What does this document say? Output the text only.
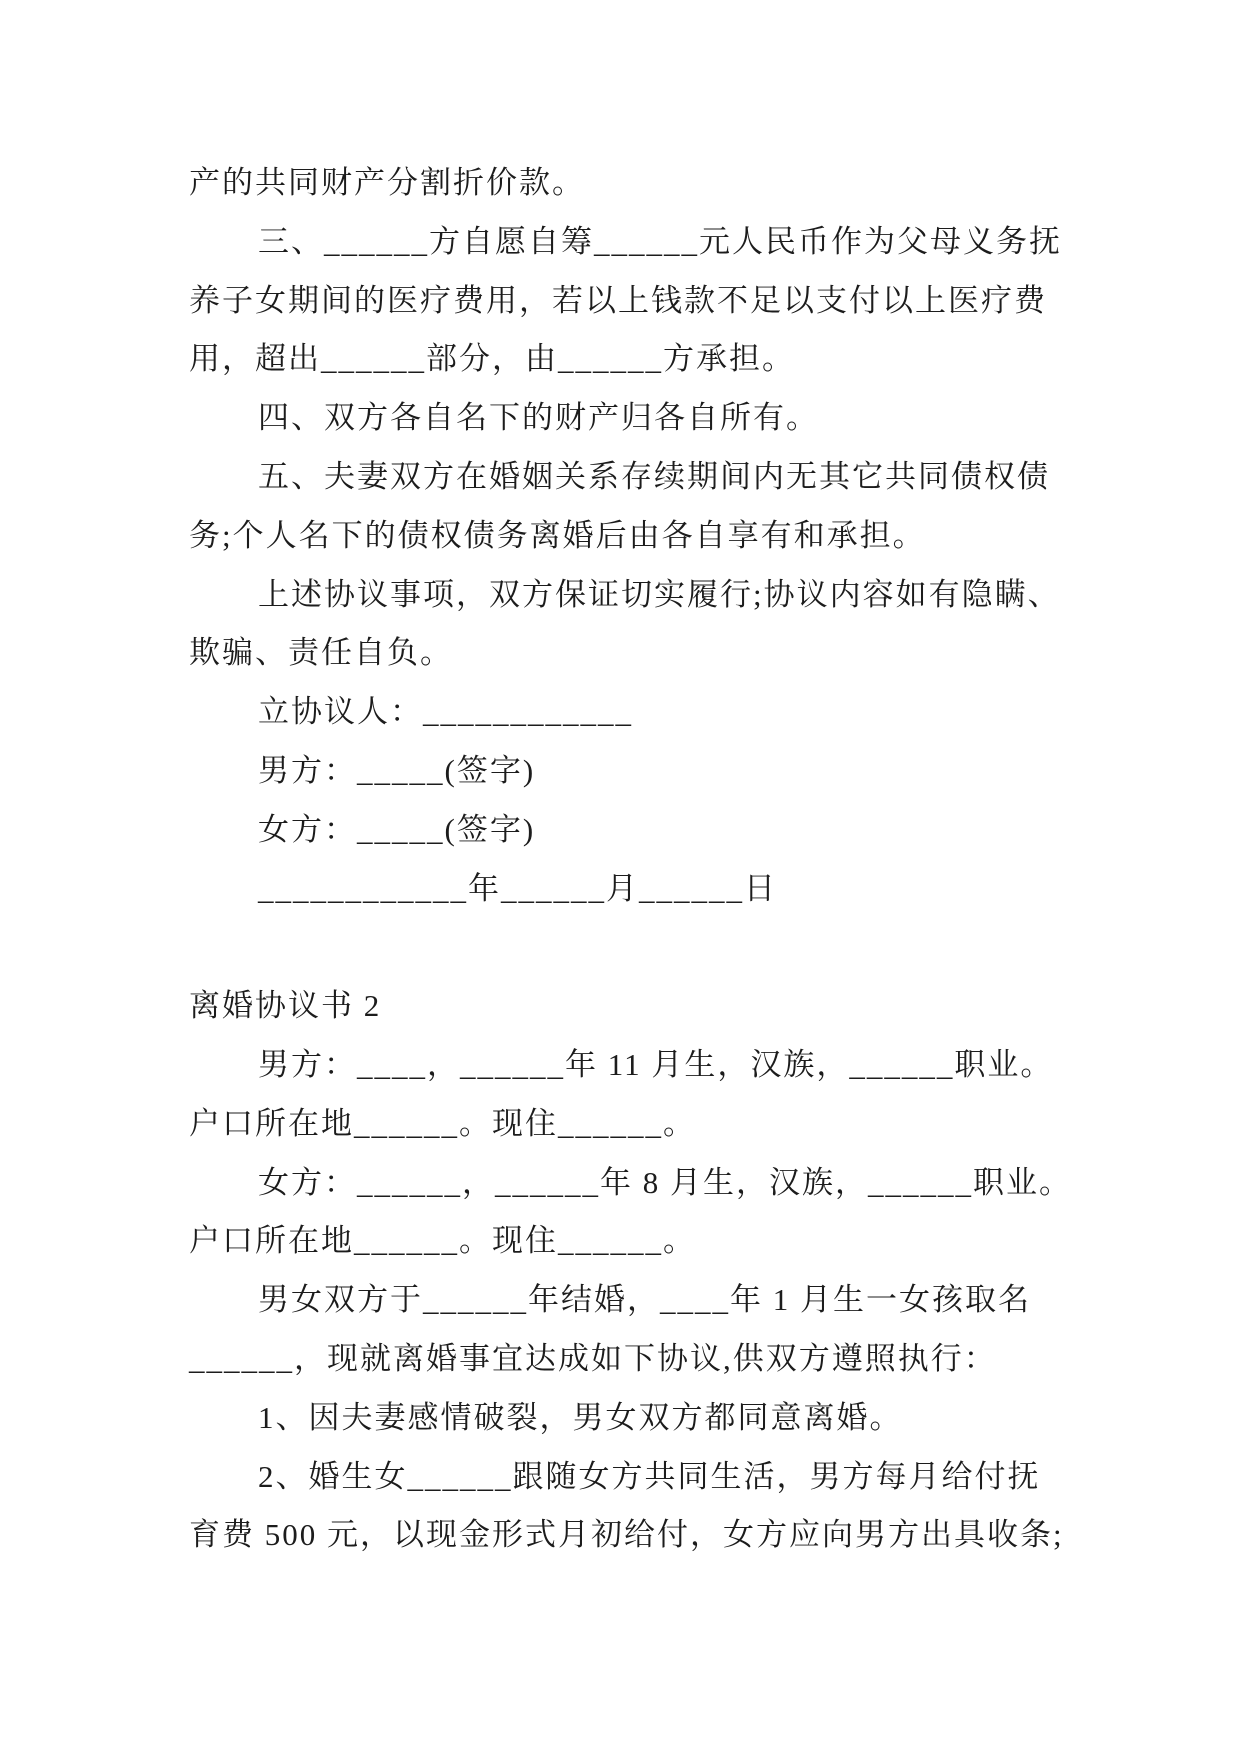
产的共同财产分割折价款。
三、______方自愿自筹______元人民币作为父母义务抚
养子女期间的医疗费用，若以上钱款不足以支付以上医疗费
用，超出______部分，由______方承担。
四、双方各自名下的财产归各自所有。
五、夫妻双方在婚姻关系存续期间内无其它共同债权债
务;个人名下的债权债务离婚后由各自享有和承担。
上述协议事项，双方保证切实履行;协议内容如有隐瞒、
欺骗、责任自负。
立协议人：____________
男方：_____(签字)
女方：_____(签字)
____________年______月______日
离婚协议书 2
男方：____，______年 11 月生，汉族，______职业。
户口所在地______。现住______。
女方：______，______年 8 月生，汉族，______职业。
户口所在地______。现住______。
男女双方于______年结婚，____年 1 月生一女孩取名
______，现就离婚事宜达成如下协议,供双方遵照执行：
1、因夫妻感情破裂，男女双方都同意离婚。
2、婚生女______跟随女方共同生活，男方每月给付抚
育费 500 元，以现金形式月初给付，女方应向男方出具收条;
